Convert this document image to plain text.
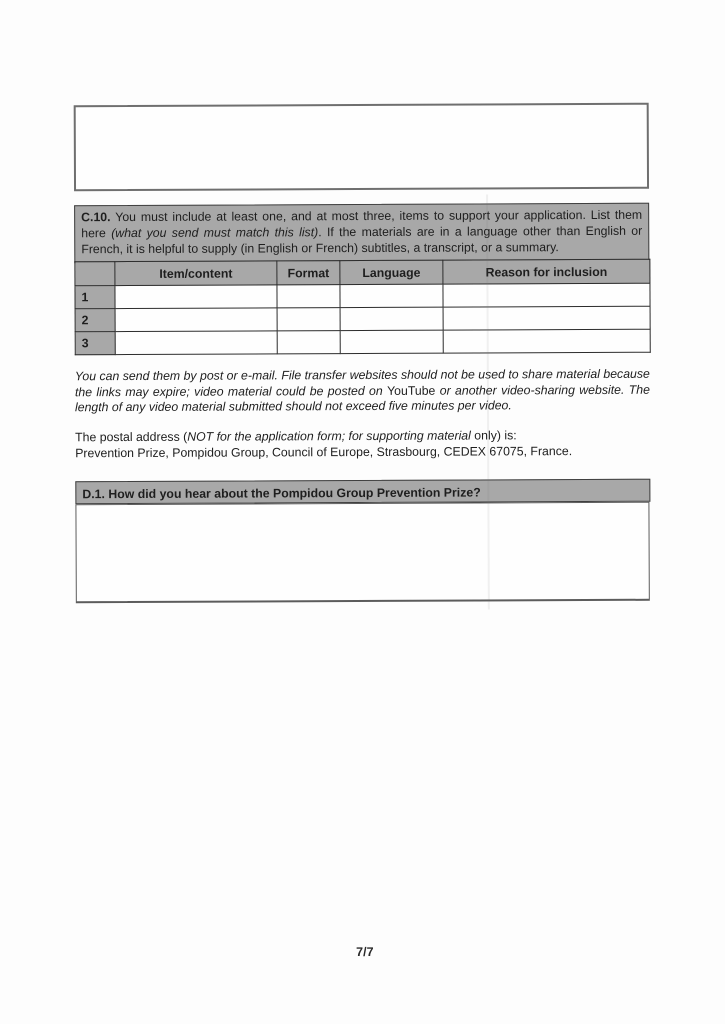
C.10. You must include at least one, and at most three, items to support your application. List them here (what you send must match this list). If the materials are in a language other than English or French, it is helpful to supply (in English or French) subtitles, a transcript, or a summary.
	Item/content	Format	Language	Reason for inclusion
1				
2				
3				
You can send them by post or e-mail. File transfer websites should not be used to share material because the links may expire; video material could be posted on YouTube or another video-sharing website. The length of any video material submitted should not exceed five minutes per video.
The postal address (NOT for the application form; for supporting material only) is:
Prevention Prize, Pompidou Group, Council of Europe, Strasbourg, CEDEX 67075, France.
D.1. How did you hear about the Pompidou Group Prevention Prize?
7/7
